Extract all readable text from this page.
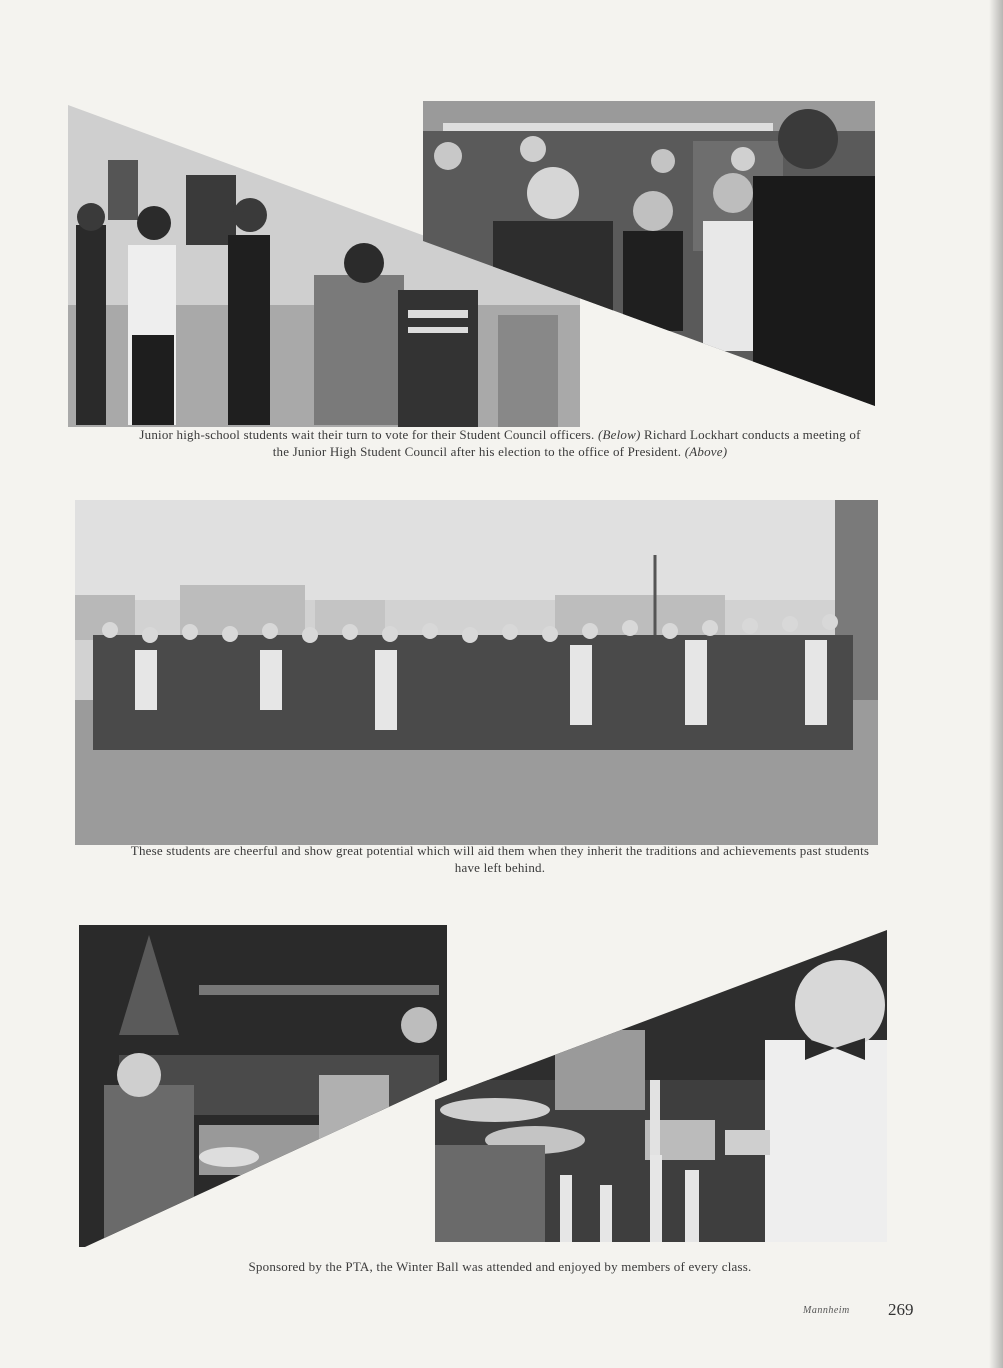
Junior high-school students wait their turn to vote for their Student Council officers. (Below) Richard Lockhart conducts a meeting of
the Junior High Student Council after his election to the office of President. (Above)
These students are cheerful and show great potential which will aid them when they inherit the traditions and achievements past students
have left behind.
Sponsored by the PTA, the Winter Ball was attended and enjoyed by members of every class.
Mannheim 269
